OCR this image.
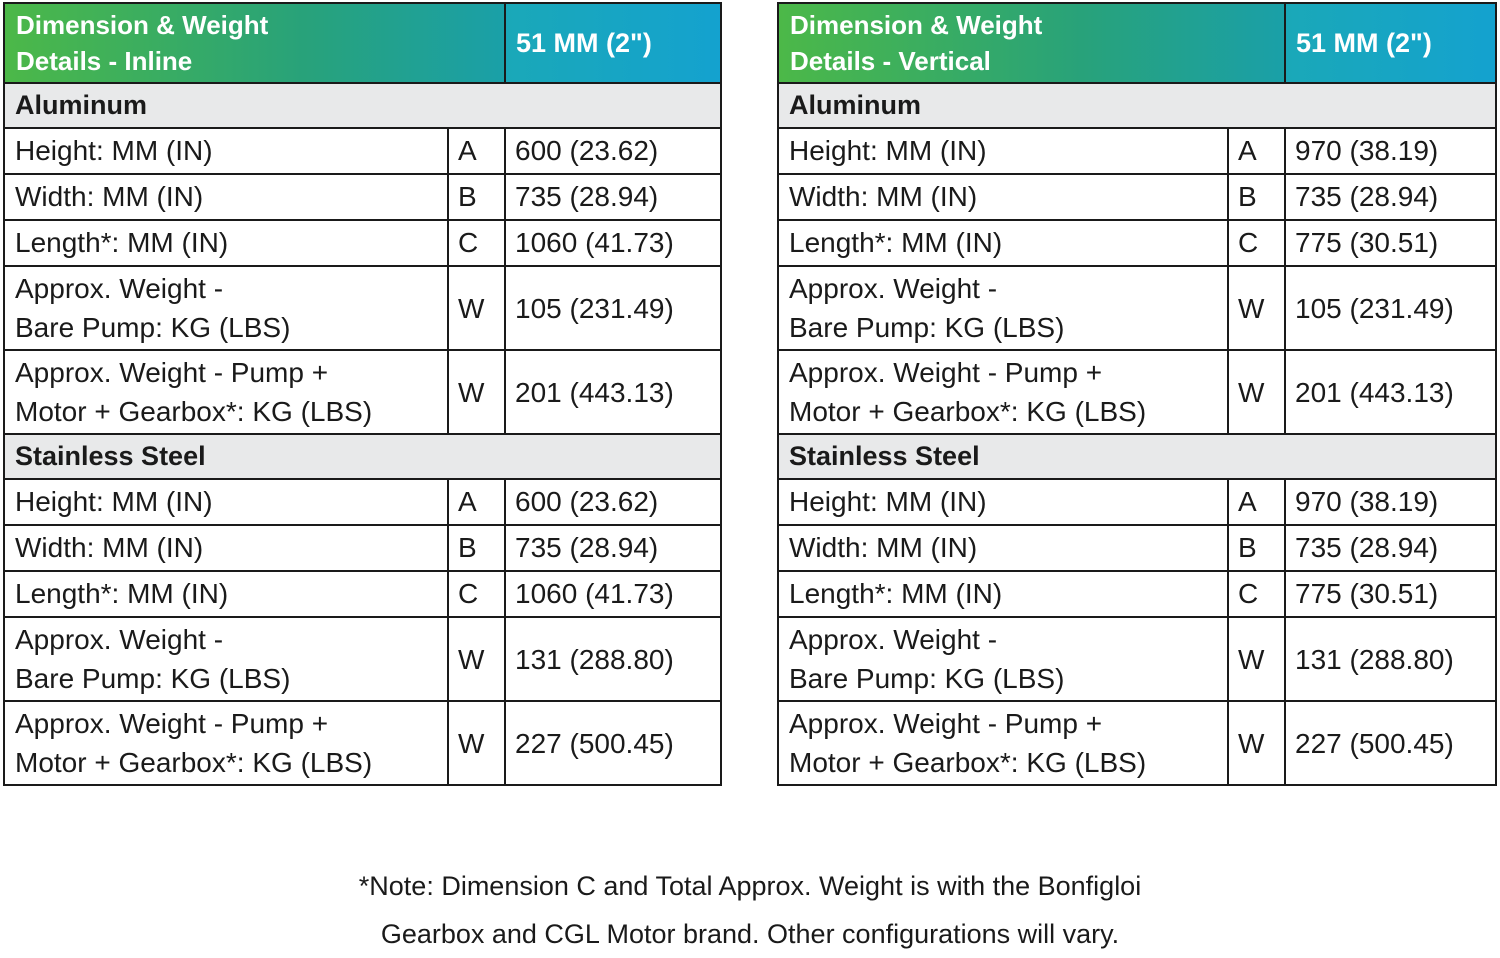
Dimension & Weight
Details - Inline		51 MM (2")
Aluminum		
Height: MM (IN)	A	600 (23.62)
Width: MM (IN)	B	735 (28.94)
Length*: MM (IN)	C	1060 (41.73)

Approx. Weight -
Bare Pump: KG (LBS)	W	105 (231.49)

Approx. Weight - Pump +
Motor + Gearbox*: KG (LBS)	W	201 (443.13)
Stainless Steel		
Height: MM (IN)	A	600 (23.62)
Width: MM (IN)	B	735 (28.94)
Length*: MM (IN)	C	1060 (41.73)

Approx. Weight -
Bare Pump: KG (LBS)	W	131 (288.80)

Approx. Weight - Pump +
Motor + Gearbox*: KG (LBS)	W	227 (500.45)
Dimension & Weight
Details - Vertical		51 MM (2")
Aluminum		
Height: MM (IN)	A	970 (38.19)
Width: MM (IN)	B	735 (28.94)
Length*: MM (IN)	C	775 (30.51)

Approx. Weight -
Bare Pump: KG (LBS)	W	105 (231.49)

Approx. Weight - Pump +
Motor + Gearbox*: KG (LBS)	W	201 (443.13)
Stainless Steel		
Height: MM (IN)	A	970 (38.19)
Width: MM (IN)	B	735 (28.94)
Length*: MM (IN)	C	775 (30.51)

Approx. Weight -
Bare Pump: KG (LBS)	W	131 (288.80)

Approx. Weight - Pump +
Motor + Gearbox*: KG (LBS)	W	227 (500.45)
*Note: Dimension C and Total Approx. Weight is with the Bonfigloi
Gearbox and CGL Motor brand. Other configurations will vary.
